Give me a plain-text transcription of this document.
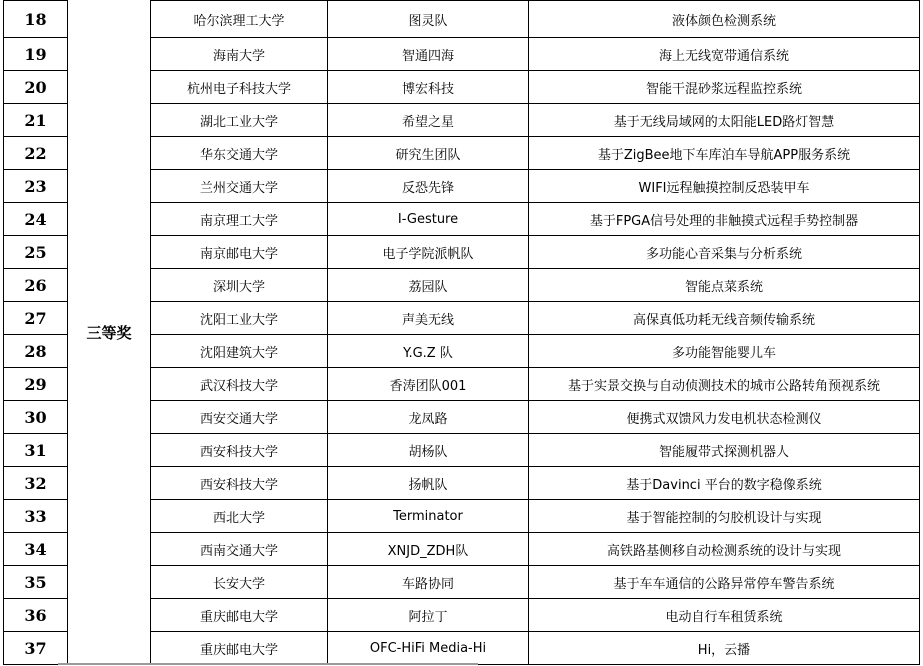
18	三等奖	哈尔滨理工大学	图灵队	液体颜色检测系统
19		海南大学	智通四海	海上无线宽带通信系统
20		杭州电子科技大学	博宏科技	智能干混砂浆远程监控系统
21		湖北工业大学	希望之星	基于无线局域网的太阳能LED路灯智慧
22		华东交通大学	研究生团队	基于ZigBee地下车库泊车导航APP服务系统
23		兰州交通大学	反恐先锋	WIFI远程触摸控制反恐装甲车
24		南京理工大学	I-Gesture	基于FPGA信号处理的非触摸式远程手势控制器
25		南京邮电大学	电子学院派帆队	多功能心音采集与分析系统
26		深圳大学	荔园队	智能点菜系统
27		沈阳工业大学	声美无线	高保真低功耗无线音频传输系统
28		沈阳建筑大学	Y.G.Z 队	多功能智能婴儿车
29		武汉科技大学	香涛团队001	基于实景交换与自动侦测技术的城市公路转角预视系统
30		西安交通大学	龙凤路	便携式双馈风力发电机状态检测仪
31		西安科技大学	胡杨队	智能履带式探测机器人
32		西安科技大学	扬帆队	基于Davinci 平台的数字稳像系统
33		西北大学	Terminator	基于智能控制的匀胶机设计与实现
34		西南交通大学	XNJD_ZDH队	高铁路基侧移自动检测系统的设计与实现
35		长安大学	车路协同	基于车车通信的公路异常停车警告系统
36		重庆邮电大学	阿拉丁	电动自行车租赁系统
37		重庆邮电大学	OFC-HiFi Media-Hi	Hi，云播
